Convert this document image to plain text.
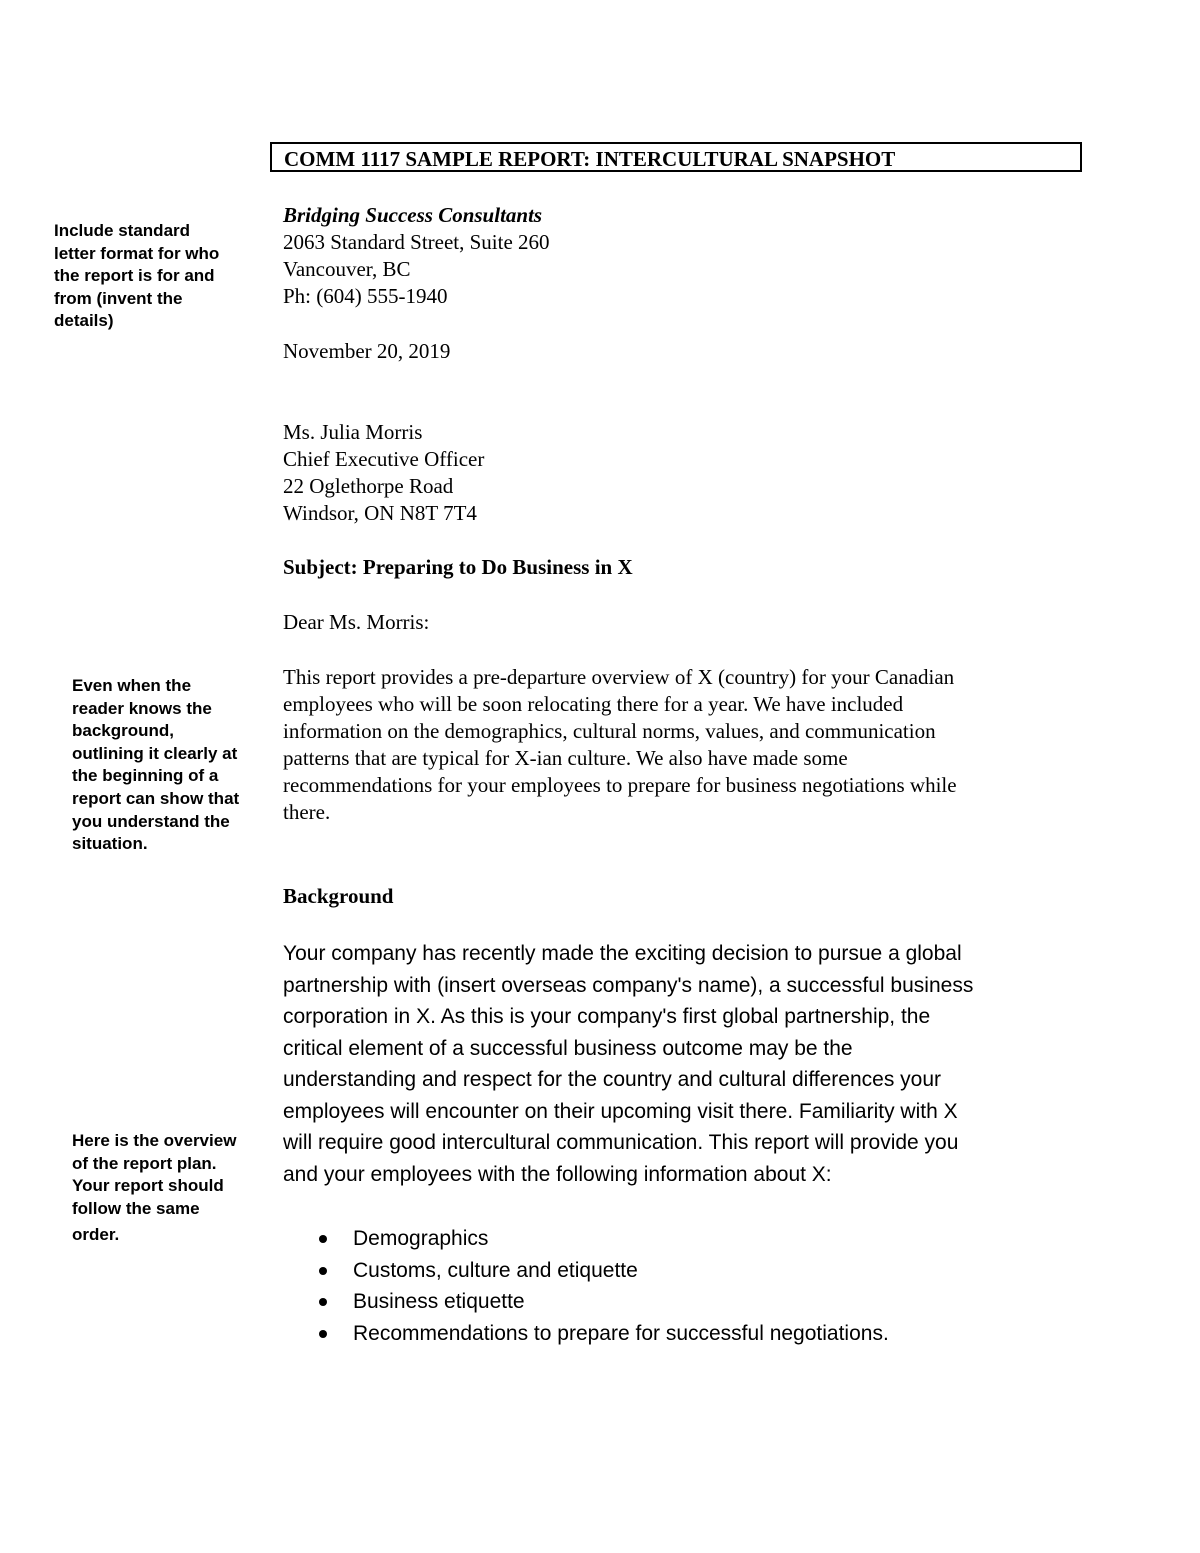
COMM 1117 SAMPLE REPORT: INTERCULTURAL SNAPSHOT
Include standard
letter format for who
the report is for and
from (invent the
details)
Bridging Success Consultants
2063 Standard Street, Suite 260
Vancouver, BC
Ph: (604) 555-1940
November 20, 2019
Ms. Julia Morris
Chief Executive Officer
22 Oglethorpe Road
Windsor, ON N8T 7T4
Subject: Preparing to Do Business in X
Dear Ms. Morris:
Even when the
reader knows the
background,
outlining it clearly at
the beginning of a
report can show that
you understand the
situation.
This report provides a pre-departure overview of X (country) for your Canadian
employees who will be soon relocating there for a year. We have included
information on the demographics, cultural norms, values, and communication
patterns that are typical for X-ian culture. We also have made some
recommendations for your employees to prepare for business negotiations while
there.
Background
Your company has recently made the exciting decision to pursue a global
partnership with (insert overseas company's name), a successful business
corporation in X. As this is your company's first global partnership, the
critical element of a successful business outcome may be the
understanding and respect for the country and cultural differences your
employees will encounter on their upcoming visit there. Familiarity with X
will require good intercultural communication. This report will provide you
and your employees with the following information about X:
Here is the overview
of the report plan.
Your report should
follow the same
order.	Demographics
Customs, culture and etiquette
Business etiquette
Recommendations to prepare for successful negotiations.
